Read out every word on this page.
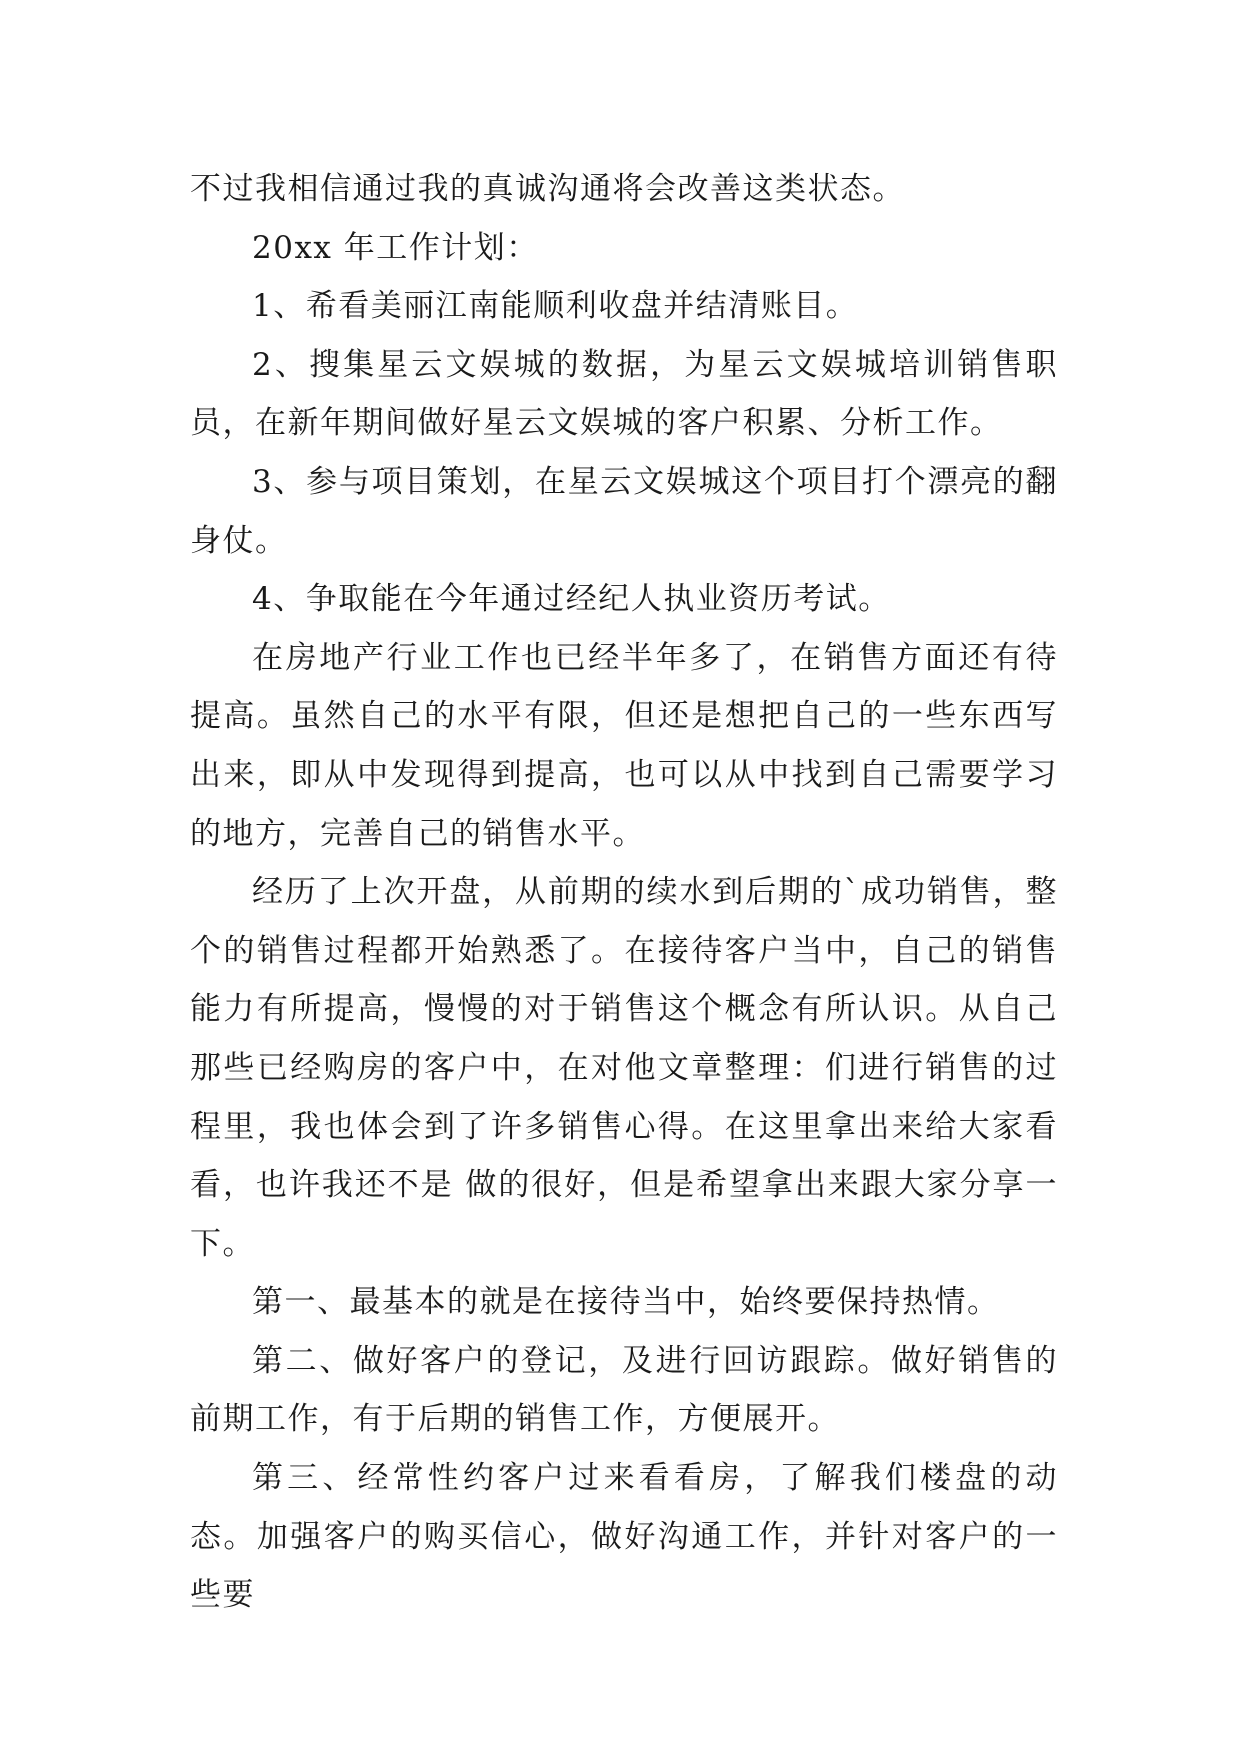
不过我相信通过我的真诚沟通将会改善这类状态。

20xx 年工作计划：

1、希看美丽江南能顺利收盘并结清账目。

2、搜集星云文娱城的数据，为星云文娱城培训销售职员，在新年期间做好星云文娱城的客户积累、分析工作。

3、参与项目策划，在星云文娱城这个项目打个漂亮的翻身仗。

4、争取能在今年通过经纪人执业资历考试。

在房地产行业工作也已经半年多了，在销售方面还有待提高。虽然自己的水平有限，但还是想把自己的一些东西写出来，即从中发现得到提高，也可以从中找到自己需要学习的地方，完善自己的销售水平。

经历了上次开盘，从前期的续水到后期的`成功销售，整个的销售过程都开始熟悉了。在接待客户当中，自己的销售能力有所提高，慢慢的对于销售这个概念有所认识。从自己那些已经购房的客户中，在对他文章整理：们进行销售的过程里，我也体会到了许多销售心得。在这里拿出来给大家看看，也许我还不是 做的很好，但是希望拿出来跟大家分享一下。

第一、最基本的就是在接待当中，始终要保持热情。

第二、做好客户的登记，及进行回访跟踪。做好销售的前期工作，有于后期的销售工作，方便展开。

第三、经常性约客户过来看看房，了解我们楼盘的动态。加强客户的购买信心，做好沟通工作，并针对客户的一些要
